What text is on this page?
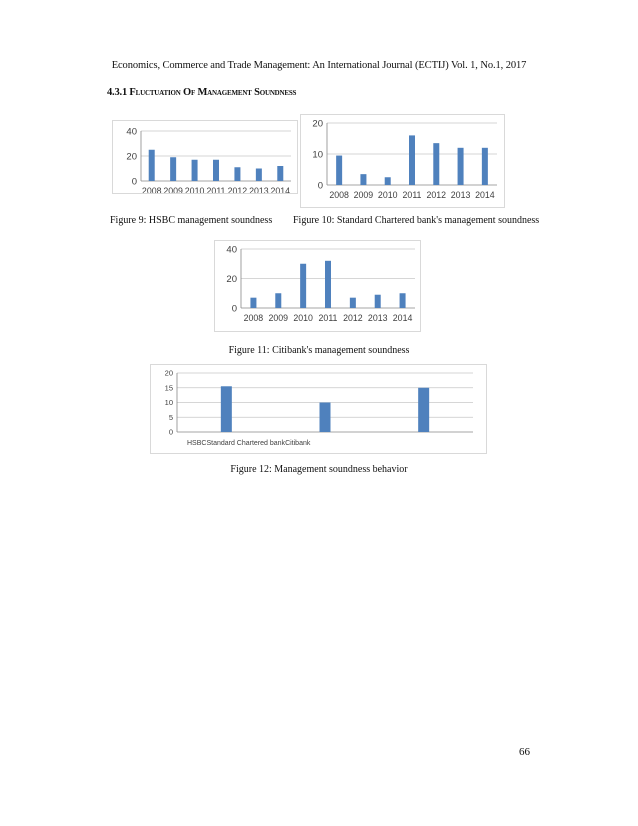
Economics, Commerce and Trade Management: An International Journal (ECTIJ) Vol. 1, No.1, 2017
4.3.1 Fluctuation Of Management Soundness
0
20
40
2008 2009 2010 2011 2012 2013 2014
Figure 9: HSBC management soundness
0
10
20
2008 2009 2010 2011 2012 2013 2014
Figure 10: Standard Chartered bank's management soundness
0
20
40
2008 2009 2010 2011 2012 2013 2014
Figure 11: Citibank's management soundness
0
5
10
15
20
HSBC Standard Chartered bank Citibank
Figure 12: Management soundness behavior
66
